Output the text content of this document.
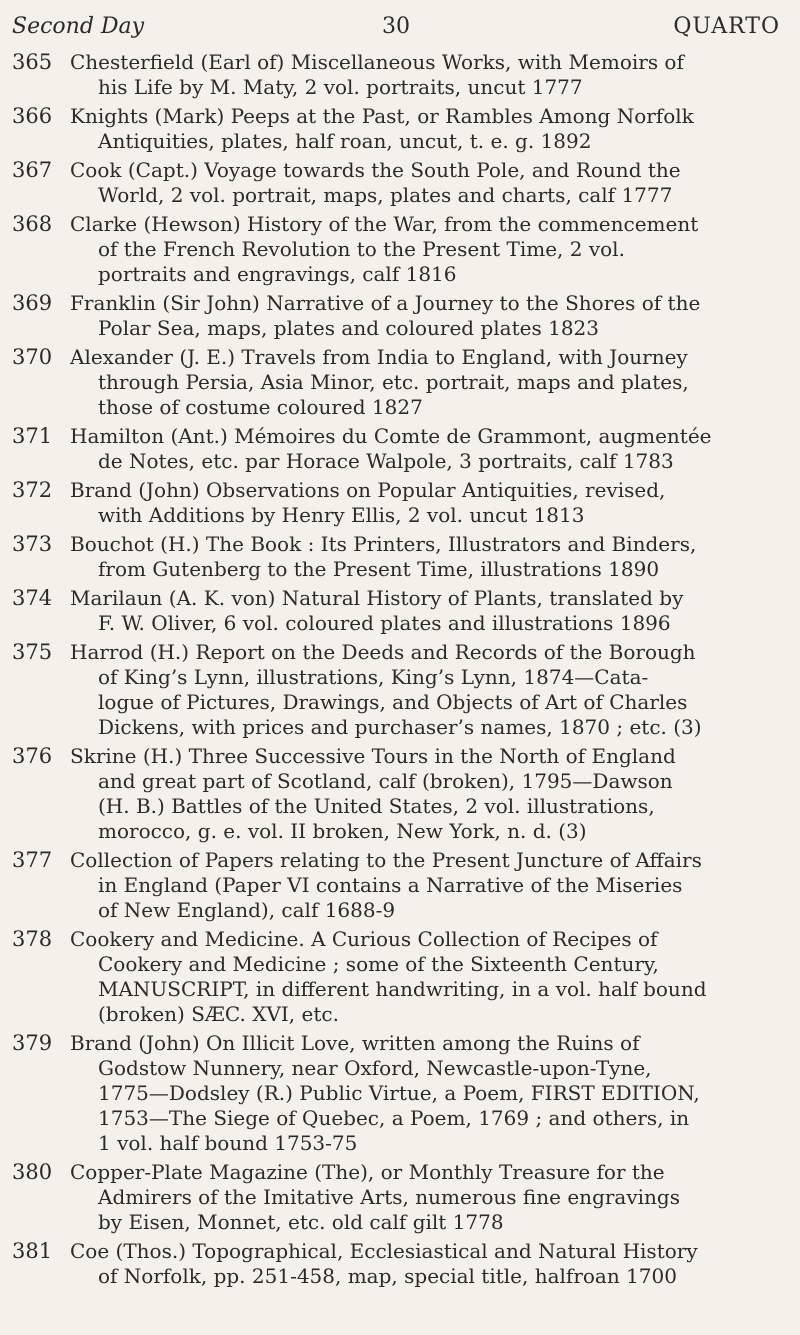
Second Day	30	QUARTO
365 Chesterfield (Earl of) Miscellaneous Works, with Memoirs of
his Life by M. Maty, 2 vol. portraits, uncut 1777
366 Knights (Mark) Peeps at the Past, or Rambles Among Norfolk
Antiquities, plates, half roan, uncut, t. e. g. 1892
367 Cook (Capt.) Voyage towards the South Pole, and Round the
World, 2 vol. portrait, maps, plates and charts, calf 1777
368 Clarke (Hewson) History of the War, from the commencement
of the French Revolution to the Present Time, 2 vol.
portraits and engravings, calf 1816
369 Franklin (Sir John) Narrative of a Journey to the Shores of the
Polar Sea, maps, plates and coloured plates 1823
370 Alexander (J. E.) Travels from India to England, with Journey
through Persia, Asia Minor, etc. portrait, maps and plates,
those of costume coloured 1827
371 Hamilton (Ant.) Mémoires du Comte de Grammont, augmentée
de Notes, etc. par Horace Walpole, 3 portraits, calf 1783
372 Brand (John) Observations on Popular Antiquities, revised,
with Additions by Henry Ellis, 2 vol. uncut 1813
373 Bouchot (H.) The Book : Its Printers, Illustrators and Binders,
from Gutenberg to the Present Time, illustrations 1890
374 Marilaun (A. K. von) Natural History of Plants, translated by
F. W. Oliver, 6 vol. coloured plates and illustrations 1896
375 Harrod (H.) Report on the Deeds and Records of the Borough
of King’s Lynn, illustrations, King’s Lynn, 1874—Cata-
logue of Pictures, Drawings, and Objects of Art of Charles
Dickens, with prices and purchaser’s names, 1870 ; etc. (3)
376 Skrine (H.) Three Successive Tours in the North of England
and great part of Scotland, calf (broken), 1795—Dawson
(H. B.) Battles of the United States, 2 vol. illustrations,
morocco, g. e. vol. II broken, New York, n. d. (3)
377 Collection of Papers relating to the Present Juncture of Affairs
in England (Paper VI contains a Narrative of the Miseries
of New England), calf 1688-9
378 Cookery and Medicine. A Curious Collection of Recipes of
Cookery and Medicine ; some of the Sixteenth Century,
MANUSCRIPT, in different handwriting, in a vol. half bound
(broken) SÆC. XVI, etc.
379 Brand (John) On Illicit Love, written among the Ruins of
Godstow Nunnery, near Oxford, Newcastle-upon-Tyne,
1775—Dodsley (R.) Public Virtue, a Poem, FIRST EDITION,
1753—The Siege of Quebec, a Poem, 1769 ; and others, in
1 vol. half bound 1753-75
380 Copper-Plate Magazine (The), or Monthly Treasure for the
Admirers of the Imitative Arts, numerous fine engravings
by Eisen, Monnet, etc. old calf gilt 1778
381 Coe (Thos.) Topographical, Ecclesiastical and Natural History
of Norfolk, pp. 251-458, map, special title, halfroan 1700
